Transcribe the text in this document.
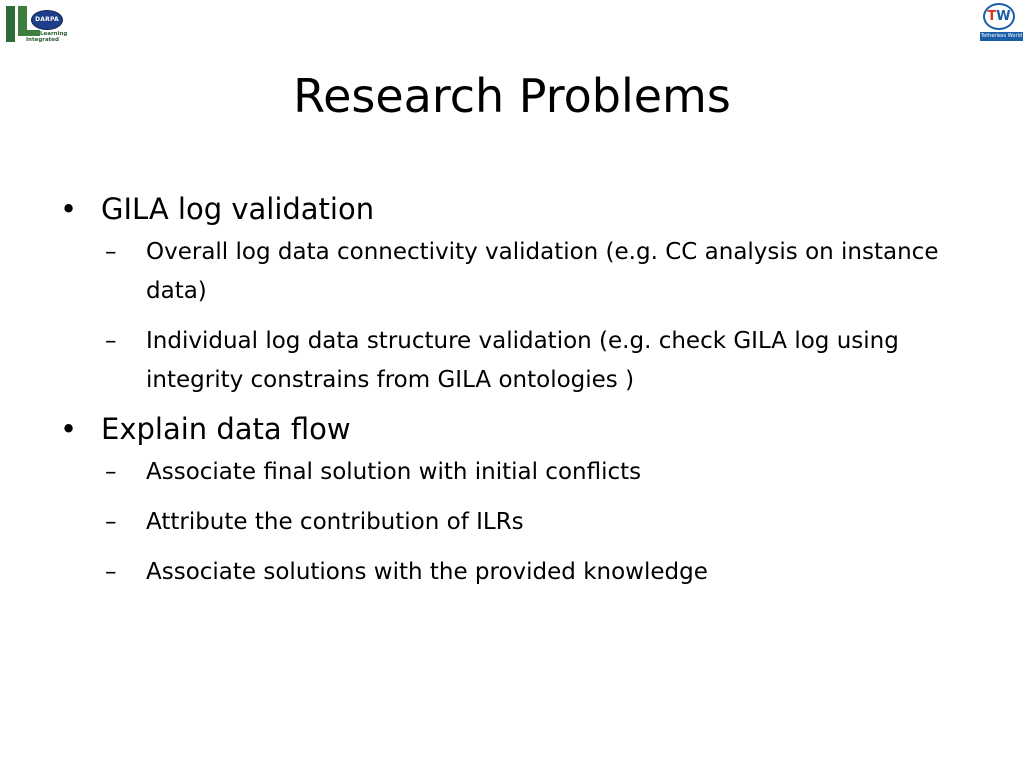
DARPA
Learning
Integrated
TW
Tetherless World
Research Problems
• GILA log validation
–	Overall log data connectivity validation (e.g. CC analysis on instance data)
–	Individual log data structure validation (e.g. check GILA log using integrity constrains from GILA ontologies )
• Explain data flow
–	Associate final solution with initial conflicts
–	Attribute the contribution of ILRs
–	Associate solutions with the provided knowledge
